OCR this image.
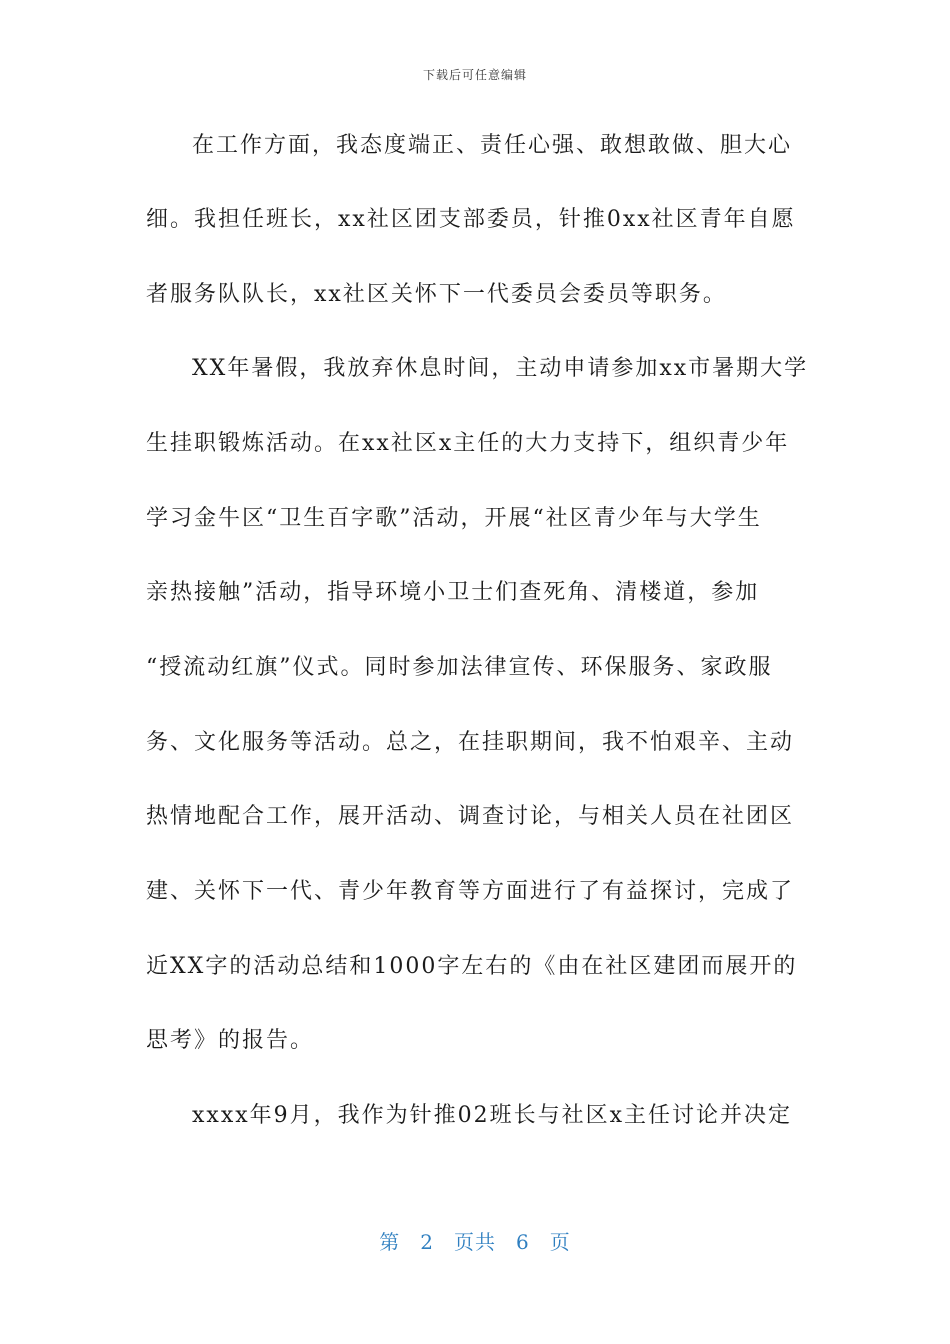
下载后可任意编辑
在工作方面，我态度端正、责任心强、敢想敢做、胆大心
细。我担任班长，xx社区团支部委员，针推0xx社区青年自愿
者服务队队长，xx社区关怀下一代委员会委员等职务。
XX年暑假，我放弃休息时间，主动申请参加xx市暑期大学
生挂职锻炼活动。在xx社区x主任的大力支持下，组织青少年
学习金牛区“卫生百字歌”活动，开展“社区青少年与大学生
亲热接触”活动，指导环境小卫士们查死角、清楼道，参加
“授流动红旗”仪式。同时参加法律宣传、环保服务、家政服
务、文化服务等活动。总之，在挂职期间，我不怕艰辛、主动
热情地配合工作，展开活动、调查讨论，与相关人员在社团区
建、关怀下一代、青少年教育等方面进行了有益探讨，完成了
近XX字的活动总结和1000字左右的《由在社区建团而展开的
思考》的报告。
xxxx年9月，我作为针推02班长与社区x主任讨论并决定
第 2 页共 6 页
